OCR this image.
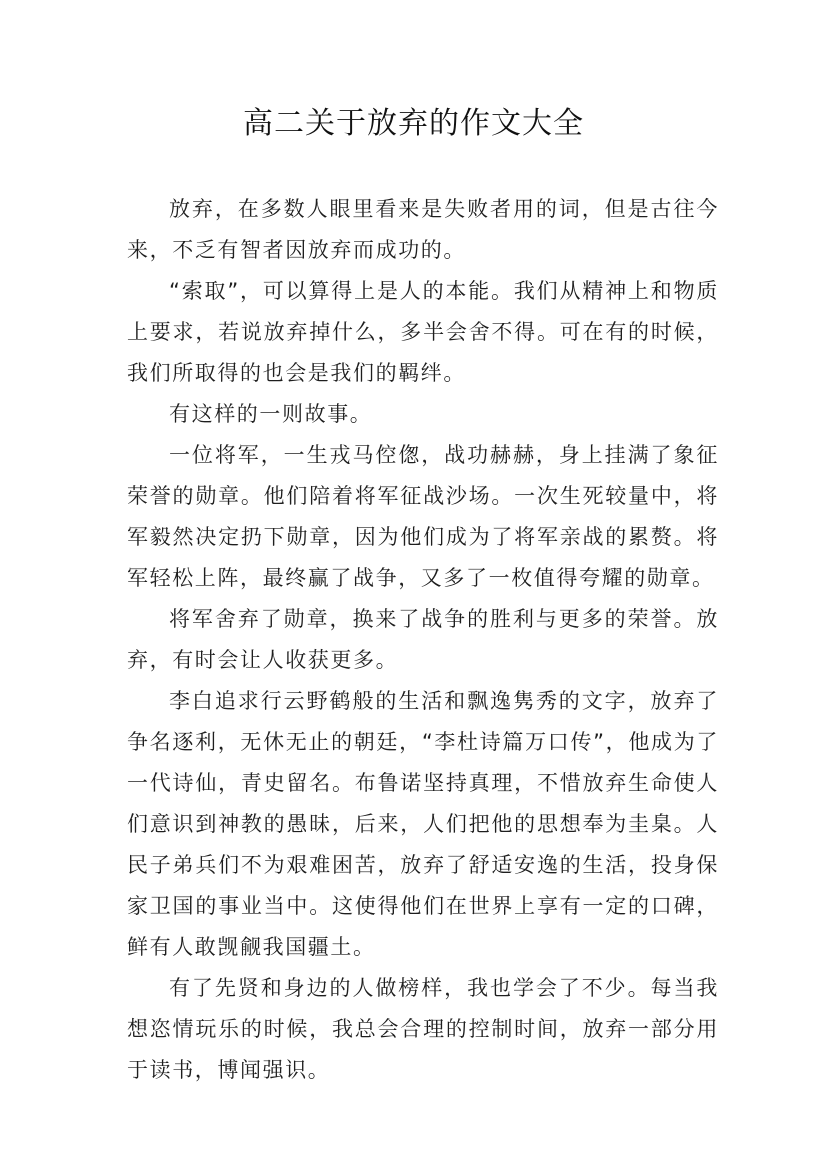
高二关于放弃的作文大全

放弃，在多数人眼里看来是失败者用的词，但是古往今来，不乏有智者因放弃而成功的。

“索取”，可以算得上是人的本能。我们从精神上和物质上要求，若说放弃掉什么，多半会舍不得。可在有的时候，我们所取得的也会是我们的羁绊。

有这样的一则故事。

一位将军，一生戎马倥偬，战功赫赫，身上挂满了象征荣誉的勋章。他们陪着将军征战沙场。一次生死较量中，将军毅然决定扔下勋章，因为他们成为了将军亲战的累赘。将军轻松上阵，最终赢了战争，又多了一枚值得夸耀的勋章。

将军舍弃了勋章，换来了战争的胜利与更多的荣誉。放弃，有时会让人收获更多。

李白追求行云野鹤般的生活和飘逸隽秀的文字，放弃了争名逐利，无休无止的朝廷，“李杜诗篇万口传”，他成为了一代诗仙，青史留名。布鲁诺坚持真理，不惜放弃生命使人们意识到神教的愚昧，后来，人们把他的思想奉为圭臬。人民子弟兵们不为艰难困苦，放弃了舒适安逸的生活，投身保家卫国的事业当中。这使得他们在世界上享有一定的口碑，鲜有人敢觊觎我国疆土。

有了先贤和身边的人做榜样，我也学会了不少。每当我想恣情玩乐的时候，我总会合理的控制时间，放弃一部分用于读书，博闻强识。
